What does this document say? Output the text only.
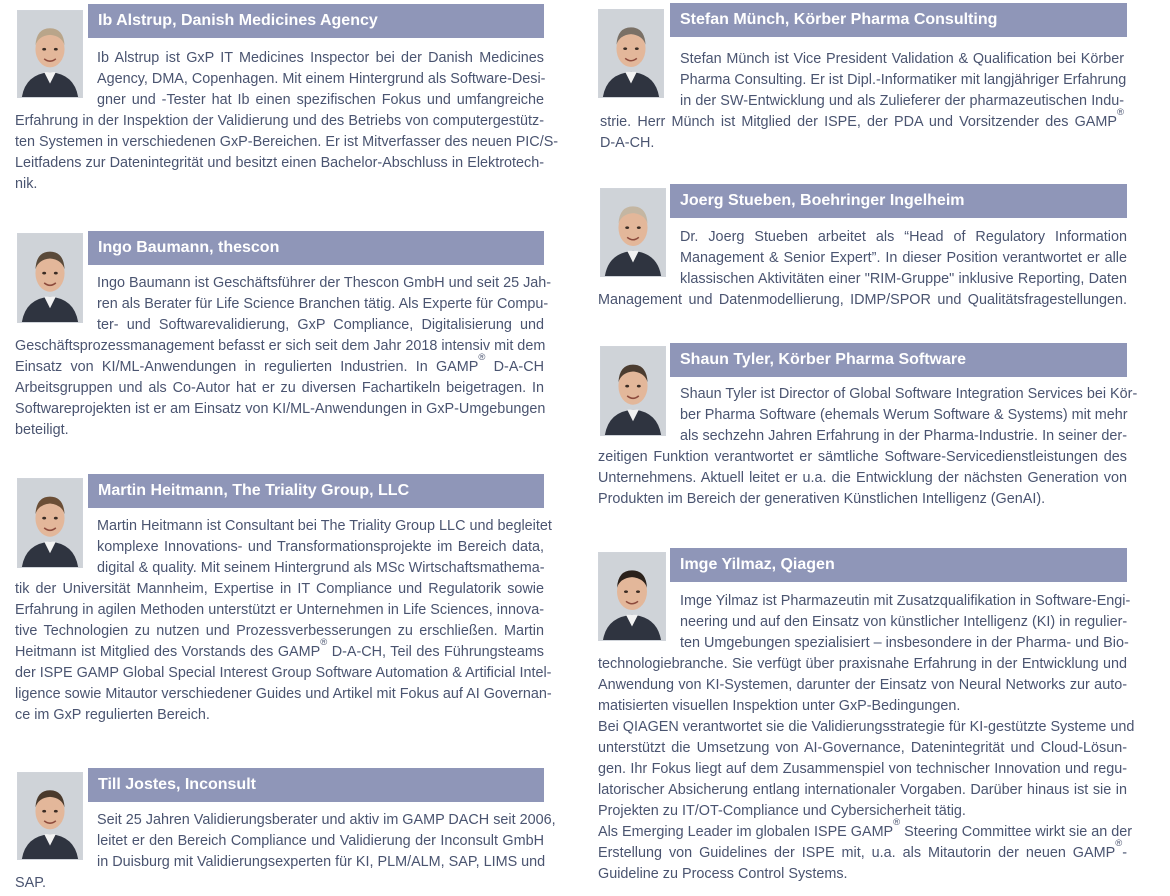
Ib Alstrup, Danish Medicines Agency
Ib Alstrup ist GxP IT Medicines Inspector bei der Danish Medicines
Agency, DMA, Copenhagen. Mit einem Hintergrund als Software-Desi-
gner und -Tester hat Ib einen spezifischen Fokus und umfangreiche
Erfahrung in der Inspektion der Validierung und des Betriebs von computergestütz-
ten Systemen in verschiedenen GxP-Bereichen. Er ist Mitverfasser des neuen PIC/S-
Leitfadens zur Datenintegrität und besitzt einen Bachelor-Abschluss in Elektrotech-
nik.
Ingo Baumann, thescon
Ingo Baumann ist Geschäftsführer der Thescon GmbH und seit 25 Jah-
ren als Berater für Life Science Branchen tätig. Als Experte für Compu-
ter- und Softwarevalidierung, GxP Compliance, Digitalisierung und
Geschäftsprozessmanagement befasst er sich seit dem Jahr 2018 intensiv mit dem
Einsatz von KI/ML-Anwendungen in regulierten Industrien. In GAMP® D-A-CH
Arbeitsgruppen und als Co-Autor hat er zu diversen Fachartikeln beigetragen. In
Softwareprojekten ist er am Einsatz von KI/ML-Anwendungen in GxP-Umgebungen
beteiligt.
Martin Heitmann, The Triality Group, LLC
Martin Heitmann ist Consultant bei The Triality Group LLC und begleitet
komplexe Innovations- und Transformationsprojekte im Bereich data,
digital & quality. Mit seinem Hintergrund als MSc Wirtschaftsmathema-
tik der Universität Mannheim, Expertise in IT Compliance und Regulatorik sowie
Erfahrung in agilen Methoden unterstützt er Unternehmen in Life Sciences, innova-
tive Technologien zu nutzen und Prozessverbesserungen zu erschließen. Martin
Heitmann ist Mitglied des Vorstands des GAMP® D-A-CH, Teil des Führungsteams
der ISPE GAMP Global Special Interest Group Software Automation & Artificial Intel-
ligence sowie Mitautor verschiedener Guides und Artikel mit Fokus auf AI Governan-
ce im GxP regulierten Bereich.
Till Jostes, Inconsult
Seit 25 Jahren Validierungsberater und aktiv im GAMP DACH seit 2006,
leitet er den Bereich Compliance und Validierung der Inconsult GmbH
in Duisburg mit Validierungsexperten für KI, PLM/ALM, SAP, LIMS und
SAP.
Stefan Münch, Körber Pharma Consulting
Stefan Münch ist Vice President Validation & Qualification bei Körber
Pharma Consulting. Er ist Dipl.-Informatiker mit langjähriger Erfahrung
in der SW-Entwicklung und als Zulieferer der pharmazeutischen Indu-
strie. Herr Münch ist Mitglied der ISPE, der PDA und Vorsitzender des GAMP®
D-A-CH.
Joerg Stueben, Boehringer Ingelheim
Dr. Joerg Stueben arbeitet als “Head of Regulatory Information
Management & Senior Expert”. In dieser Position verantwortet er alle
klassischen Aktivitäten einer "RIM-Gruppe" inklusive Reporting, Daten
Management und Datenmodellierung, IDMP/SPOR und Qualitätsfragestellungen.
Shaun Tyler, Körber Pharma Software
Shaun Tyler ist Director of Global Software Integration Services bei Kör-
ber Pharma Software (ehemals Werum Software & Systems) mit mehr
als sechzehn Jahren Erfahrung in der Pharma-Industrie. In seiner der-
zeitigen Funktion verantwortet er sämtliche Software-Servicedienstleistungen des
Unternehmens. Aktuell leitet er u.a. die Entwicklung der nächsten Generation von
Produkten im Bereich der generativen Künstlichen Intelligenz (GenAI).
Imge Yilmaz, Qiagen
Imge Yilmaz ist Pharmazeutin mit Zusatzqualifikation in Software-Engi-
neering und auf den Einsatz von künstlicher Intelligenz (KI) in regulier-
ten Umgebungen spezialisiert – insbesondere in der Pharma- und Bio-
technologiebranche. Sie verfügt über praxisnahe Erfahrung in der Entwicklung und
Anwendung von KI-Systemen, darunter der Einsatz von Neural Networks zur auto-
matisierten visuellen Inspektion unter GxP-Bedingungen.
Bei QIAGEN verantwortet sie die Validierungsstrategie für KI-gestützte Systeme und
unterstützt die Umsetzung von AI-Governance, Datenintegrität und Cloud-Lösun-
gen. Ihr Fokus liegt auf dem Zusammenspiel von technischer Innovation und regu-
latorischer Absicherung entlang internationaler Vorgaben. Darüber hinaus ist sie in
Projekten zu IT/OT-Compliance und Cybersicherheit tätig.
Als Emerging Leader im globalen ISPE GAMP® Steering Committee wirkt sie an der
Erstellung von Guidelines der ISPE mit, u.a. als Mitautorin der neuen GAMP®-
Guideline zu Process Control Systems.
